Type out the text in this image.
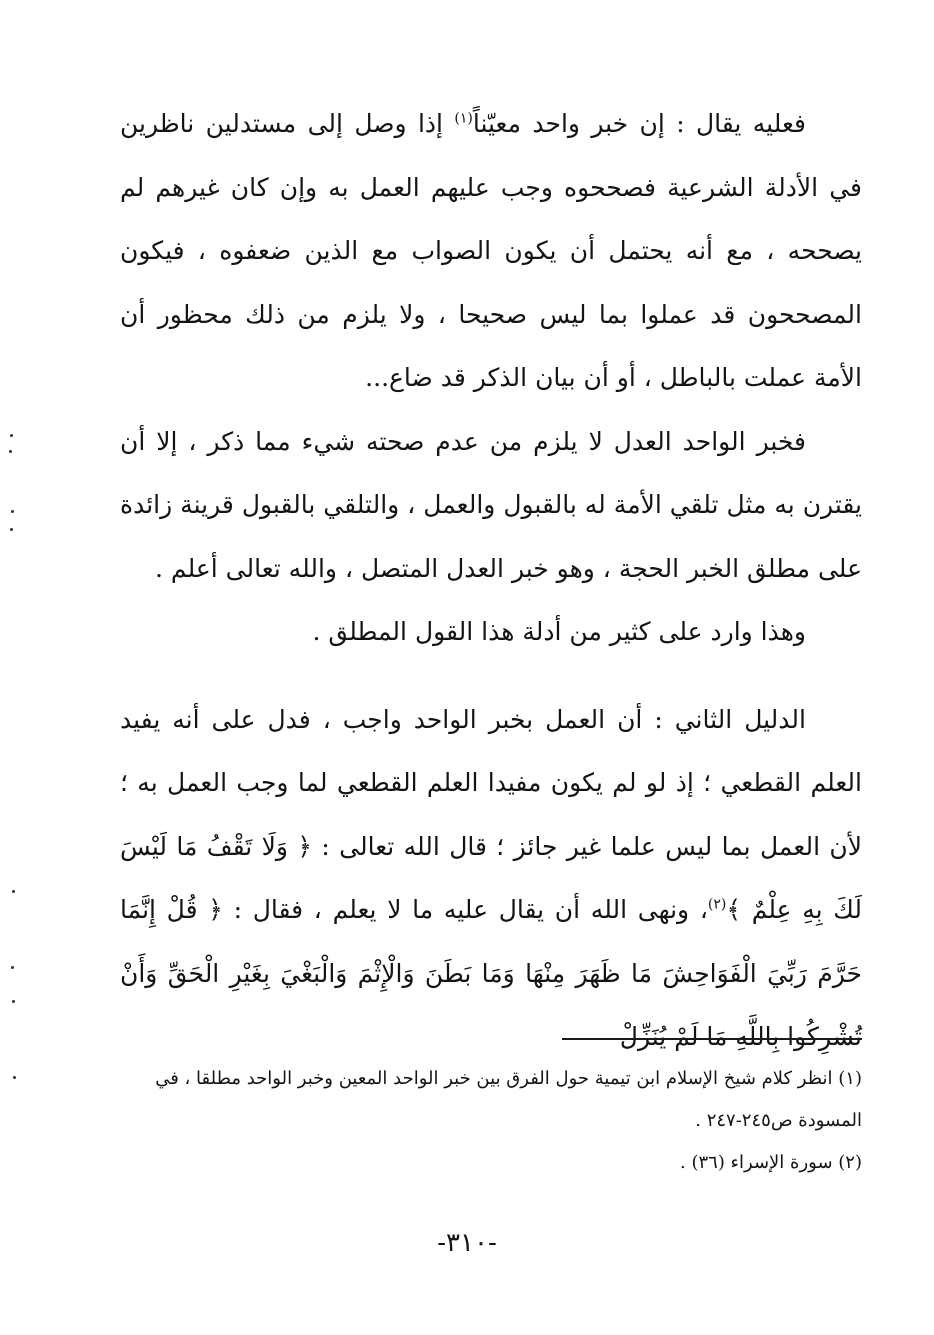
فعليه يقال : إن خبر واحد معيّناً$^{(١)}$ إذا وصل إلى مستدلين ناظرين في الأدلة الشرعية فصححوه وجب عليهم العمل به وإن كان غيرهم لم يصححه ، مع أنه يحتمل أن يكون الصواب مع الذين ضعفوه ، فيكون المصححون قد عملوا بما ليس صحيحا ، ولا يلزم من ذلك محظور أن الأمة عملت بالباطل ، أو أن بيان الذكر قد ضاع...

فخبر الواحد العدل لا يلزم من عدم صحته شيء مما ذكر ، إلا أن يقترن به مثل تلقي الأمة له بالقبول والعمل ، والتلقي بالقبول قرينة زائدة على مطلق الخبر الحجة ، وهو خبر العدل المتصل ، والله تعالى أعلم .

وهذا وارد على كثير من أدلة هذا القول المطلق .

الدليل الثاني : أن العمل بخبر الواحد واجب ، فدل على أنه يفيد العلم القطعي ؛ إذ لو لم يكون مفيدا العلم القطعي لما وجب العمل به ؛ لأن العمل بما ليس علما غير جائز ؛ قال الله تعالى : ﴿ وَلَا تَقْفُ مَا لَيْسَ لَكَ بِهِ عِلْمٌ ﴾$^{(٢)}$، ونهى الله أن يقال عليه ما لا يعلم ، فقال : ﴿ قُلْ إِنَّمَا حَرَّمَ رَبِّيَ الْفَوَاحِشَ مَا ظَهَرَ مِنْهَا وَمَا بَطَنَ وَالْإِثْمَ وَالْبَغْيَ بِغَيْرِ الْحَقِّ وَأَنْ تُشْرِكُوا بِاللَّهِ مَا لَمْ يُنَزِّلْ

(١) انظر كلام شيخ الإسلام ابن تيمية حول الفرق بين خبر الواحد المعين وخبر الواحد مطلقا ، في

المسودة ص٢٤٥-٢٤٧ .

(٢) سورة الإسراء (٣٦) .

-٣١٠-
